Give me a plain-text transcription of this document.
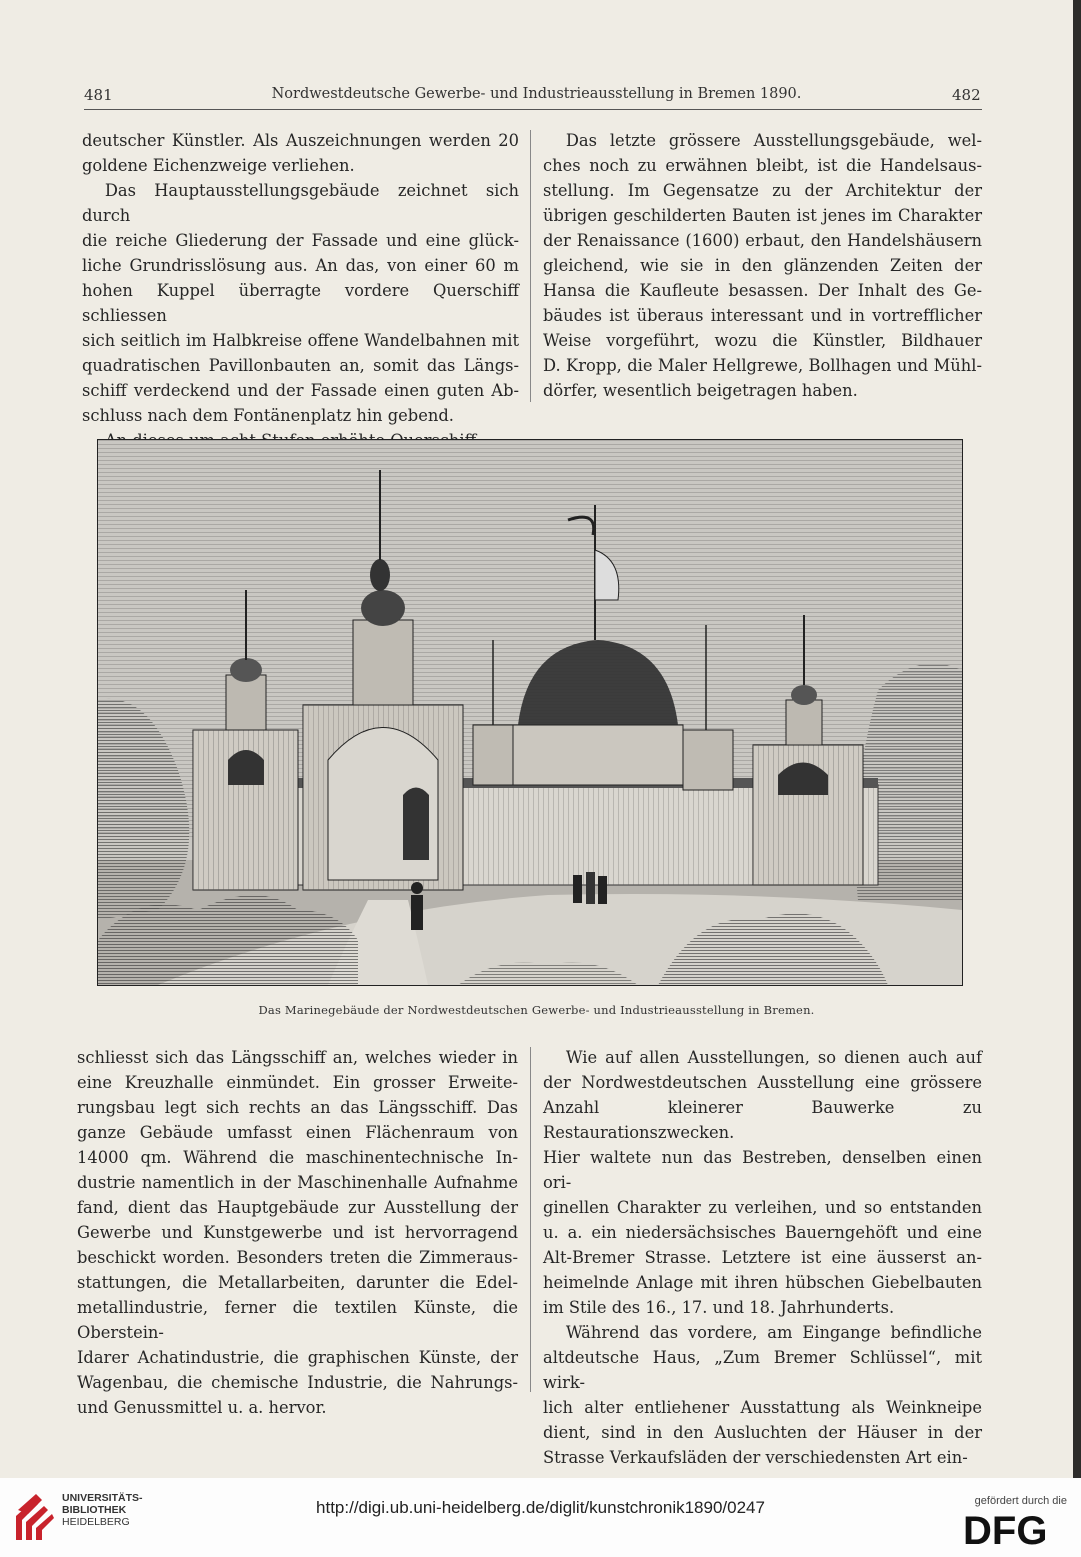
481	Nordwestdeutsche Gewerbe- und Industrieausstellung in Bremen 1890.	482

deutscher Künstler. Als Auszeichnungen werden 20
goldene Eichenzweige verliehen.

Das Hauptausstellungsgebäude zeichnet sich durch
die reiche Gliederung der Fassade und eine glück-
liche Grundrisslösung aus. An das, von einer 60 m
hohen Kuppel überragte vordere Querschiff schliessen
sich seitlich im Halbkreise offene Wandelbahnen mit
quadratischen Pavillonbauten an, somit das Längs-
schiff verdeckend und der Fassade einen guten Ab-
schluss nach dem Fontänenplatz hin gebend.

Das letzte grössere Ausstellungsgebäude, wel-
ches noch zu erwähnen bleibt, ist die Handelsaus-
stellung. Im Gegensatze zu der Architektur der
übrigen geschilderten Bauten ist jenes im Charakter
der Renaissance (1600) erbaut, den Handelshäusern
gleichend, wie sie in den glänzenden Zeiten der
Hansa die Kaufleute besassen. Der Inhalt des Ge-
bäudes ist überaus interessant und in vortrefflicher
Weise vorgeführt, wozu die Künstler, Bildhauer
D. Kropp, die Maler Hellgrewe, Bollhagen und Mühl-
dörfer, wesentlich beigetragen haben.

Das Marinegebäude der Nordwestdeutschen Gewerbe- und Industrieausstellung in Bremen.

schliesst sich das Längsschiff an, welches wieder in
eine Kreuzhalle einmündet. Ein grosser Erweite-
rungsbau legt sich rechts an das Längsschiff. Das
ganze Gebäude umfasst einen Flächenraum von
14000 qm. Während die maschinentechnische In-
dustrie namentlich in der Maschinenhalle Aufnahme
fand, dient das Hauptgebäude zur Ausstellung der
Gewerbe und Kunstgewerbe und ist hervorragend
beschickt worden. Besonders treten die Zimmeraus-
stattungen, die Metallarbeiten, darunter die Edel-
metallindustrie, ferner die textilen Künste, die Oberstein-
Idarer Achatindustrie, die graphischen Künste, der
Wagenbau, die chemische Industrie, die Nahrungs-
und Genussmittel u. a. hervor.

Wie auf allen Ausstellungen, so dienen auch auf
der Nordwestdeutschen Ausstellung eine grössere
Anzahl kleinerer Bauwerke zu Restaurationszwecken.
Hier waltete nun das Bestreben, denselben einen ori-
ginellen Charakter zu verleihen, und so entstanden
u. a. ein niedersächsisches Bauerngehöft und eine
Alt-Bremer Strasse. Letztere ist eine äusserst an-
heimelnde Anlage mit ihren hübschen Giebelbauten
im Stile des 16., 17. und 18. Jahrhunderts.

Während das vordere, am Eingange befindliche
altdeutsche Haus, „Zum Bremer Schlüssel“, mit wirk-
lich alter entliehener Ausstattung als Weinkneipe
dient, sind in den Ausluchten der Häuser in der
Strasse Verkaufsläden der verschiedensten Art ein-

UNIVERSITÄTS-
BIBLIOTHEK
HEIDELBERG
http://digi.ub.uni-heidelberg.de/diglit/kunstchronik1890/0247	gefördert durch die
DFG
